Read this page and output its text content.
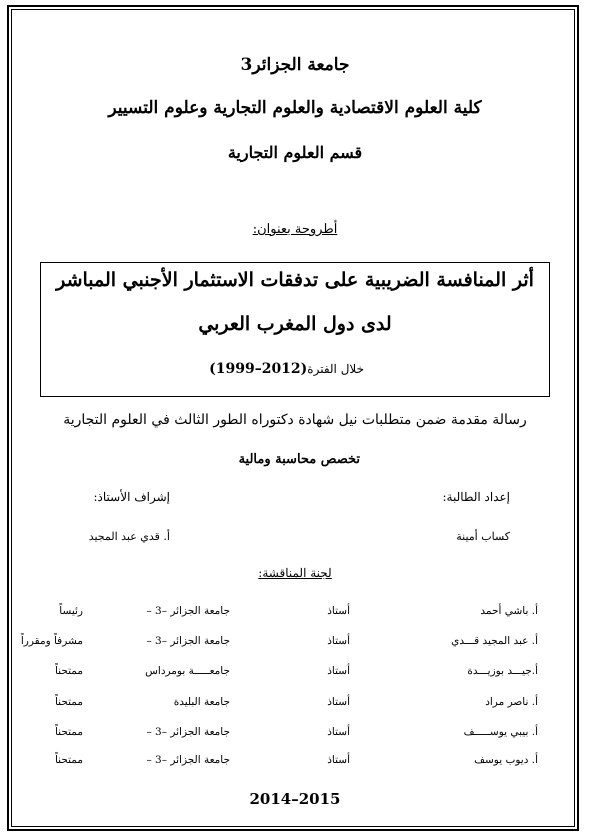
جامعة الجزائر3
كلية العلوم الاقتصادية والعلوم التجارية وعلوم التسيير
قسم العلوم التجارية
أطروحة بعنوان:
أثر المنافسة الضريبية على تدفقات الاستثمار الأجنبي المباشر
لدى دول المغرب العربي
خلال الفترة(1999–2012)
رسالة مقدمة ضمن متطلبات نيل شهادة دكتوراه الطور الثالث في العلوم التجارية
تخصص محاسبة ومالية
إعداد الطالبة:
إشراف الأستاذ:
كساب أمينة
أ. قدي عبد المجيد
لجنة المناقشة:
أ. باشي أحمد
أستاذ
جامعة الجزائر –3 –
رئيساً
أ. عبد المجيد قـــدي
أستاذ
جامعة الجزائر –3 –
مشرفاً ومقرراً
أ.جيـــد بوزيـــدة
أستاذ
جامعـــــة بومرداس
ممتحناً
أ. ناصر مراد
أستاذ
جامعة البليدة
ممتحناً
أ. بيبي يوســـــف
أستاذ
جامعة الجزائر –3 –
ممتحناً
أ. ديوب يوسف
أستاذ
جامعة الجزائر –3 –
ممتحناً
2015–2014
